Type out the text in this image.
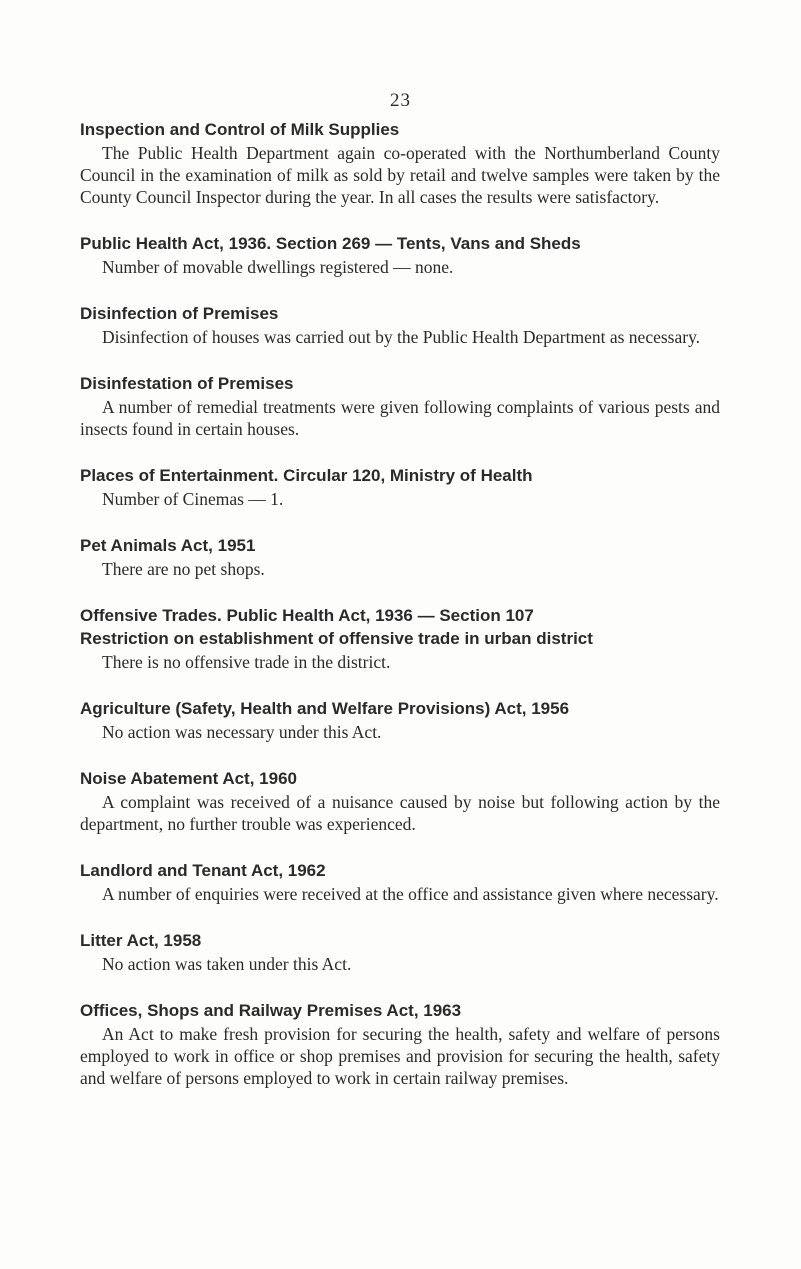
23
Inspection and Control of Milk Supplies

The Public Health Department again co-operated with the Northumberland County Council in the examination of milk as sold by retail and twelve samples were taken by the County Council Inspector during the year. In all cases the results were satisfactory.

Public Health Act, 1936. Section 269 — Tents, Vans and Sheds

Number of movable dwellings registered — none.

Disinfection of Premises

Disinfection of houses was carried out by the Public Health Department as necessary.

Disinfestation of Premises

A number of remedial treatments were given following complaints of various pests and insects found in certain houses.

Places of Entertainment. Circular 120, Ministry of Health

Number of Cinemas — 1.

Pet Animals Act, 1951

There are no pet shops.

Offensive Trades. Public Health Act, 1936 — Section 107
Restriction on establishment of offensive trade in urban district

There is no offensive trade in the district.

Agriculture (Safety, Health and Welfare Provisions) Act, 1956

No action was necessary under this Act.

Noise Abatement Act, 1960

A complaint was received of a nuisance caused by noise but following action by the department, no further trouble was experienced.

Landlord and Tenant Act, 1962

A number of enquiries were received at the office and assistance given where necessary.

Litter Act, 1958

No action was taken under this Act.

Offices, Shops and Railway Premises Act, 1963

An Act to make fresh provision for securing the health, safety and welfare of persons employed to work in office or shop premises and provision for securing the health, safety and welfare of persons employed to work in certain railway premises.
